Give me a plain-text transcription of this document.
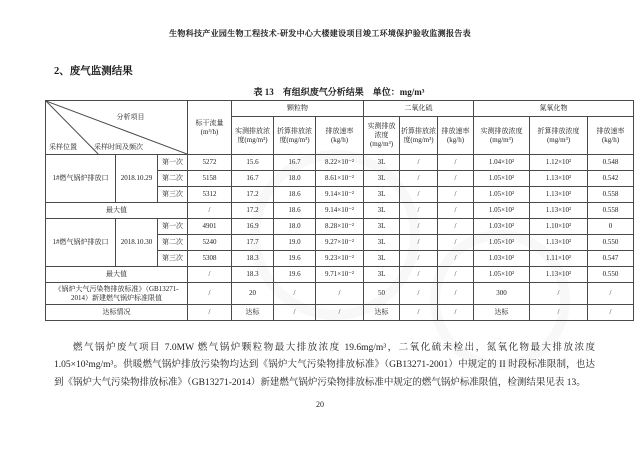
生物科技产业园生物工程技术-研发中心大楼建设项目竣工环境保护验收监测报告表
2、废气监测结果
表 13　有组织废气分析结果　单位：mg/m³
分析项目
采样位置 采样时间及频次			标干流量(m³/h)	颗粒物			二氧化硫			氮氧化物		
				实测排放浓度(mg/m³)	折算排放浓度(mg/m³)	排放速率(kg/h)	实测排放浓度(mg/m³)	折算排放浓度(mg/m³)	排放速率(kg/h)	实测排放浓度(mg/m³)	折算排放浓度(mg/m³)	排放速率(kg/h)
1#燃气锅炉排放口	2018.10.29	第一次	5272	15.6	16.7	8.22×10⁻²	3L	/	/	1.04×10²	1.12×10²	0.548
		第二次	5158	16.7	18.0	8.61×10⁻²	3L	/	/	1.05×10²	1.13×10²	0.542
		第三次	5312	17.2	18.6	9.14×10⁻²	3L	/	/	1.05×10²	1.13×10²	0.558
最大值			/	17.2	18.6	9.14×10⁻²	3L	/	/	1.05×10²	1.13×10²	0.558
1#燃气锅炉排放口	2018.10.30	第一次	4901	16.9	18.0	8.28×10⁻²	3L	/	/	1.03×10²	1.10×10²	0
		第二次	5240	17.7	19.0	9.27×10⁻²	3L	/	/	1.05×10²	1.13×10²	0.550
		第三次	5308	18.3	19.6	9.23×10⁻²	3L	/	/	1.03×10²	1.11×10²	0.547
最大值			/	18.3	19.6	9.71×10⁻²	3L	/	/	1.05×10²	1.13×10²	0.550
《锅炉大气污染物排放标准》（GB13271-2014）新建燃气锅炉标准限值			/	20	/	/	50	/	/	300	/	/
达标情况			/	达标	/	/	达标	/	/	达标	/	/

燃气锅炉废气项目 7.0MW 燃气锅炉颗粒物最大排放浓度 19.6mg/m³，二氧化硫未检出，氮氧化物最大排放浓度 1.05×10²mg/m³。供暖燃气锅炉排放污染物均达到《锅炉大气污染物排放标准》（GB13271-2001）中规定的 II 时段标准限制，也达到《锅炉大气污染物排放标准》（GB13271-2014）新建燃气锅炉污染物排放标准中规定的燃气锅炉标准限值，检测结果见表 13。

20
